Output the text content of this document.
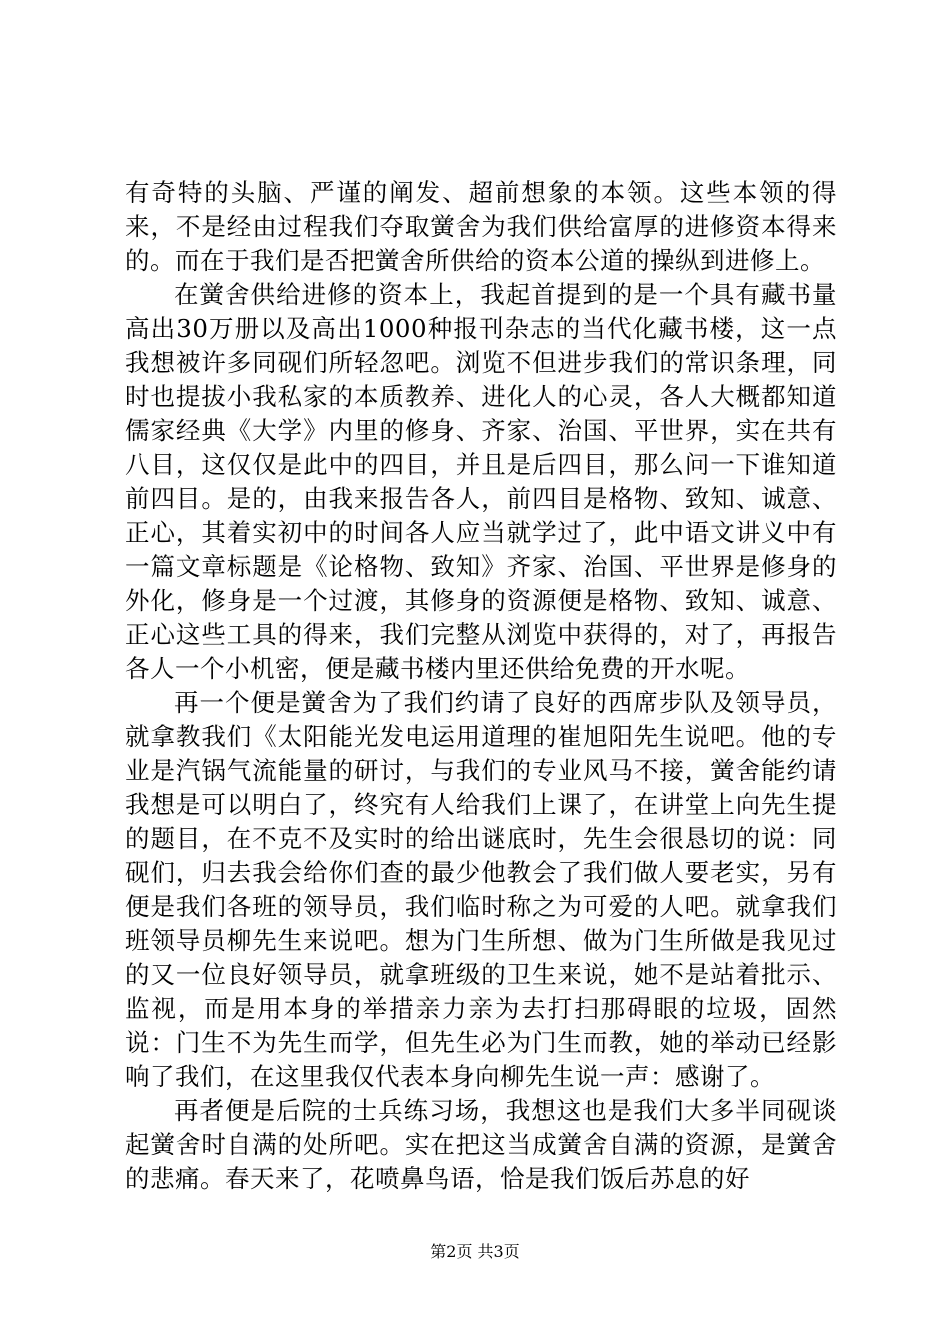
有奇特的头脑、严谨的阐发、超前想象的本领。这些本领的得来，不是经由过程我们夺取黉舍为我们供给富厚的进修资本得来的。而在于我们是否把黉舍所供给的资本公道的操纵到进修上。

在黉舍供给进修的资本上，我起首提到的是一个具有藏书量高出30万册以及高出1000种报刊杂志的当代化藏书楼，这一点我想被许多同砚们所轻忽吧。浏览不但进步我们的常识条理，同时也提拔小我私家的本质教养、进化人的心灵，各人大概都知道儒家经典《大学》内里的修身、齐家、治国、平世界，实在共有八目，这仅仅是此中的四目，并且是后四目，那么问一下谁知道前四目。是的，由我来报告各人，前四目是格物、致知、诚意、正心，其着实初中的时间各人应当就学过了，此中语文讲义中有一篇文章标题是《论格物、致知》齐家、治国、平世界是修身的外化，修身是一个过渡，其修身的资源便是格物、致知、诚意、正心这些工具的得来，我们完整从浏览中获得的，对了，再报告各人一个小机密，便是藏书楼内里还供给免费的开水呢。

再一个便是黉舍为了我们约请了良好的西席步队及领导员，就拿教我们《太阳能光发电运用道理的崔旭阳先生说吧。他的专业是汽锅气流能量的研讨，与我们的专业风马不接，黉舍能约请我想是可以明白了，终究有人给我们上课了，在讲堂上向先生提的题目，在不克不及实时的给出谜底时，先生会很恳切的说：同砚们，归去我会给你们查的最少他教会了我们做人要老实，另有便是我们各班的领导员，我们临时称之为可爱的人吧。就拿我们班领导员柳先生来说吧。想为门生所想、做为门生所做是我见过的又一位良好领导员，就拿班级的卫生来说，她不是站着批示、监视，而是用本身的举措亲力亲为去打扫那碍眼的垃圾，固然说：门生不为先生而学，但先生必为门生而教，她的举动已经影响了我们，在这里我仅代表本身向柳先生说一声：感谢了。

再者便是后院的士兵练习场，我想这也是我们大多半同砚谈起黉舍时自满的处所吧。实在把这当成黉舍自满的资源，是黉舍的悲痛。春天来了，花喷鼻鸟语，恰是我们饭后苏息的好

第2页 共3页
